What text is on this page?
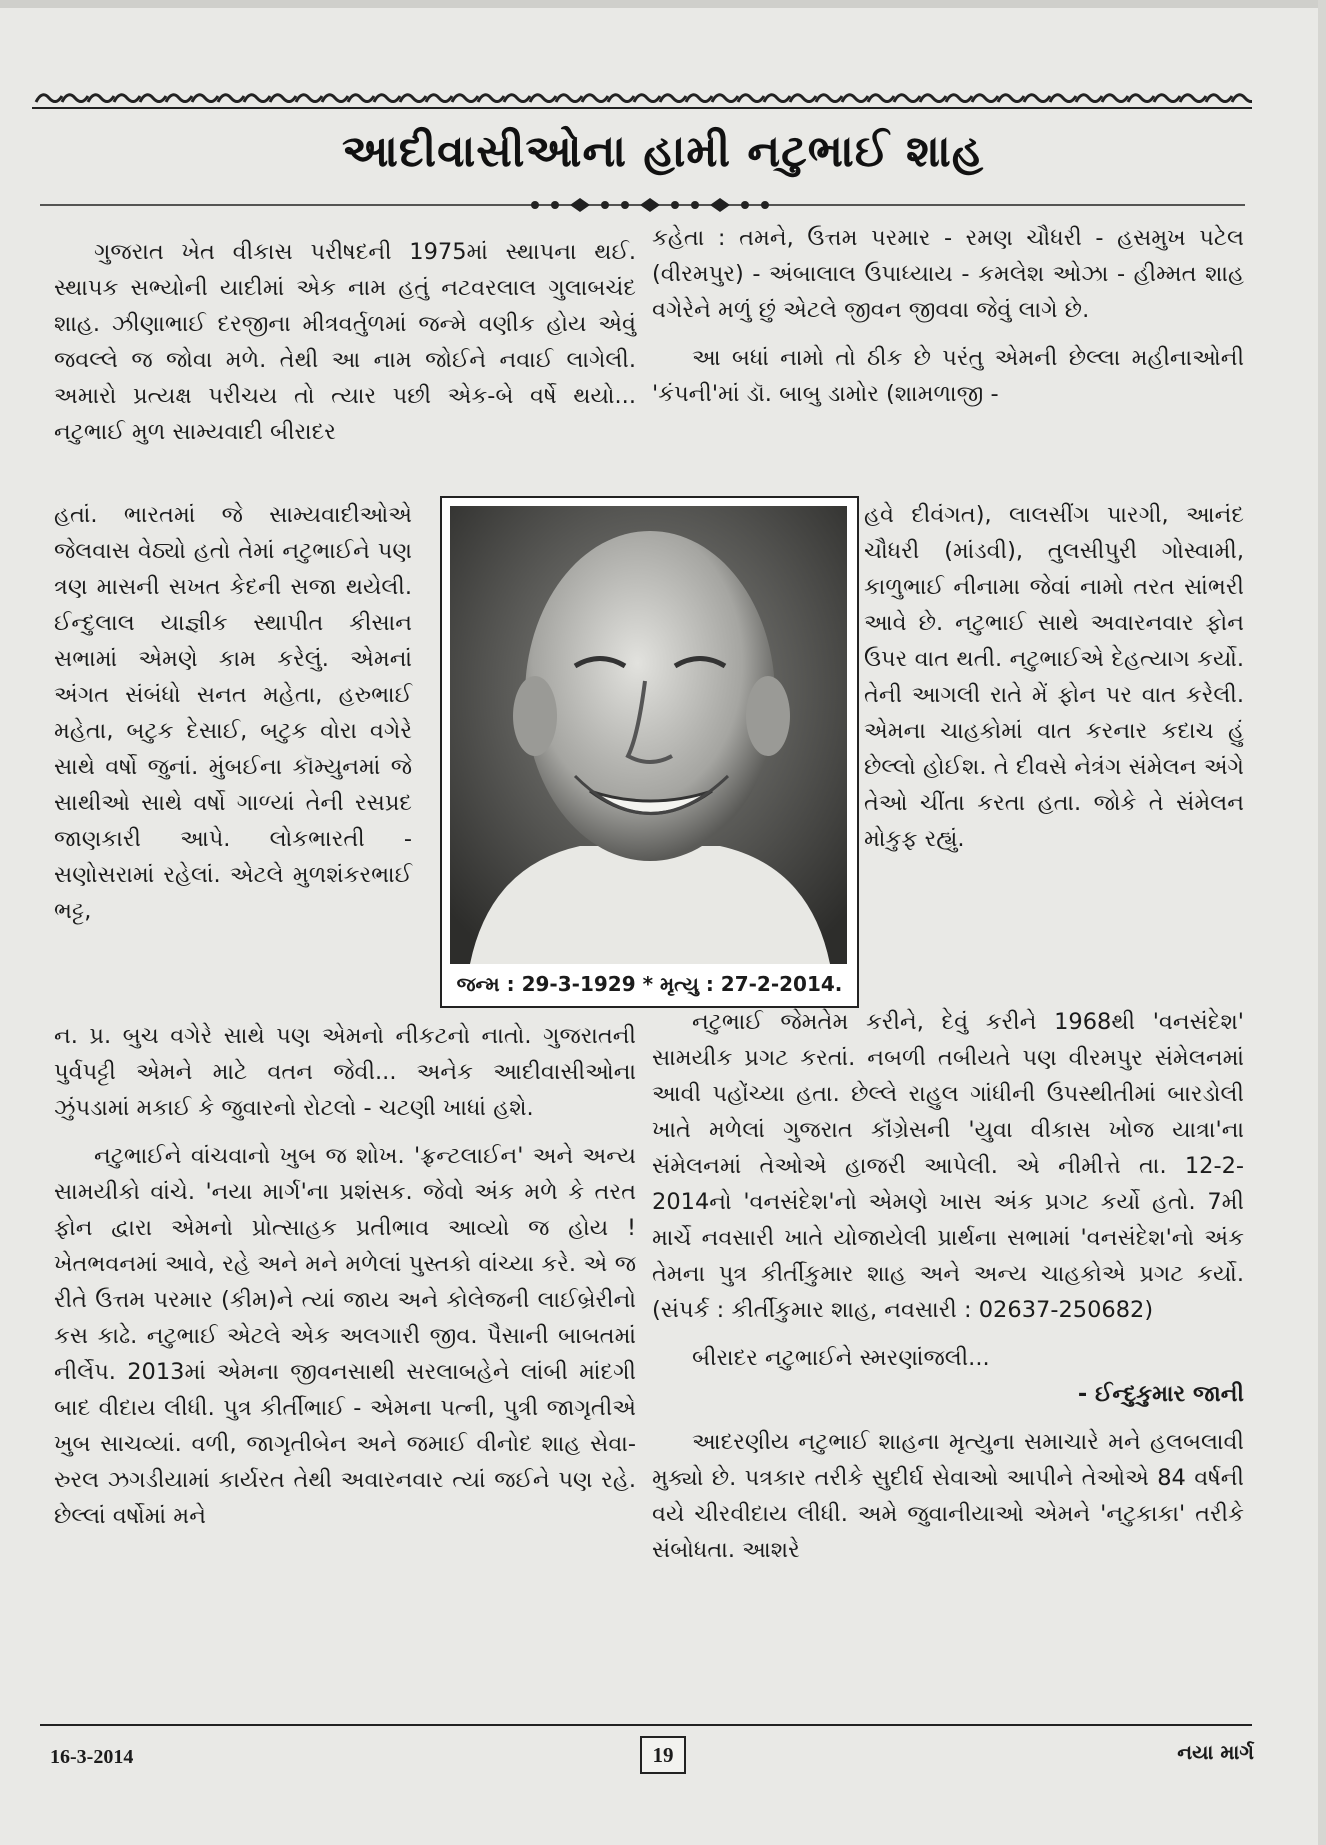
આદીવાસીઓના હામી નટુભાઈ શાહ

ગુજરાત ખેત વીકાસ પરીષદની 1975માં સ્થાપના થઈ. સ્થાપક સભ્યોની યાદીમાં એક નામ હતું નટવરલાલ ગુલાબચંદ શાહ. ઝીણાભાઈ દરજીના મીત્રવર્તુળમાં જન્મે વણીક હોય એવું જવલ્લે જ જોવા મળે. તેથી આ નામ જોઈને નવાઈ લાગેલી. અમારો પ્રત્યક્ષ પરીચય તો ત્યાર પછી એક-બે વર્ષે થયો... નટુભાઈ મુળ સામ્યવાદી બીરાદર

હતાં. ભારતમાં જે સામ્યવાદીઓએ જેલવાસ વેઠ્યો હતો તેમાં નટુભાઈને પણ ત્રણ માસની સખત કેદની સજા થયેલી. ઈન્દુલાલ યાજ્ઞીક સ્થાપીત કીસાન સભામાં એમણે કામ કરેલું. એમનાં અંગત સંબંધો સનત મહેતા, હરુભાઈ મહેતા, બટુક દેસાઈ, બટુક વોરા વગેરે સાથે વર્ષો જુનાં. મુંબઈના કૉમ્યુનમાં જે સાથીઓ સાથે વર્ષો ગાળ્યાં તેની રસપ્રદ જાણકારી આપે. લોકભારતી - સણોસરામાં રહેલાં. એટલે મુળશંકરભાઈ ભટ્ટ,

જન્મ : 29-3-1929 * મૃત્યુ : 27-2-2014.

ન. પ્ર. બુચ વગેરે સાથે પણ એમનો નીકટનો નાતો. ગુજરાતની પુર્વપટ્ટી એમને માટે વતન જેવી... અનેક આદીવાસીઓના ઝુંપડામાં મકાઈ કે જુવારનો રોટલો - ચટણી ખાધાં હશે.

નટુભાઈને વાંચવાનો ખુબ જ શોખ. 'ફ્રન્ટલાઈન' અને અન્ય સામયીકો વાંચે. 'નયા માર્ગ'ના પ્રશંસક. જેવો અંક મળે કે તરત ફોન દ્વારા એમનો પ્રોત્સાહક પ્રતીભાવ આવ્યો જ હોય ! ખેતભવનમાં આવે, રહે અને મને મળેલાં પુસ્તકો વાંચ્યા કરે. એ જ રીતે ઉત્તમ પરમાર (કીમ)ને ત્યાં જાય અને કોલેજની લાઈબ્રેરીનો કસ કાઢે. નટુભાઈ એટલે એક અલગારી જીવ. પૈસાની બાબતમાં નીર્લેપ. 2013માં એમના જીવનસાથી સરલાબહેને લાંબી માંદગી બાદ વીદાય લીધી. પુત્ર કીર્તીભાઈ - એમના પત્ની, પુત્રી જાગૃતીએ ખુબ સાચવ્યાં. વળી, જાગૃતીબેન અને જમાઈ વીનોદ શાહ સેવા-રુરલ ઝગડીયામાં કાર્યરત તેથી અવારનવાર ત્યાં જઈને પણ રહે. છેલ્લાં વર્ષોમાં મને

કહેતા : તમને, ઉત્તમ પરમાર - રમણ ચૌધરી - હસમુખ પટેલ (વીરમપુર) - અંબાલાલ ઉપાધ્યાય - કમલેશ ઓઝા - હીમ્મત શાહ વગેરેને મળું છું એટલે જીવન જીવવા જેવું લાગે છે.

આ બધાં નામો તો ઠીક છે પરંતુ એમની છેલ્લા મહીનાઓની 'કંપની'માં ડૉ. બાબુ ડામોર (શામળાજી -

હવે દીવંગત), લાલસીંગ પારગી, આનંદ ચૌધરી (માંડવી), તુલસીપુરી ગોસ્વામી, કાળુભાઈ નીનામા જેવાં નામો તરત સાંભરી આવે છે. નટુભાઈ સાથે અવારનવાર ફોન ઉપર વાત થતી. નટુભાઈએ દેહત્યાગ કર્યો. તેની આગલી રાતે મેં ફોન પર વાત કરેલી. એમના ચાહકોમાં વાત કરનાર કદાચ હું છેલ્લો હોઈશ. તે દીવસે નેત્રંગ સંમેલન અંગે તેઓ ચીંતા કરતા હતા. જોકે તે સંમેલન મોકુફ રહ્યું.

નટુભાઈ જેમતેમ કરીને, દેવું કરીને 1968થી 'વનસંદેશ' સામયીક પ્રગટ કરતાં. નબળી તબીયતે પણ વીરમપુર સંમેલનમાં આવી પહોંચ્યા હતા. છેલ્લે રાહુલ ગાંધીની ઉપસ્થીતીમાં બારડોલી ખાતે મળેલાં ગુજરાત કૉંગ્રેસની 'યુવા વીકાસ ખોજ યાત્રા'ના સંમેલનમાં તેઓએ હાજરી આપેલી. એ નીમીત્તે તા. 12-2-2014નો 'વનસંદેશ'નો એમણે ખાસ અંક પ્રગટ કર્યો હતો. 7મી માર્ચે નવસારી ખાતે યોજાયેલી પ્રાર્થના સભામાં 'વનસંદેશ'નો અંક તેમના પુત્ર કીર્તીકુમાર શાહ અને અન્ય ચાહકોએ પ્રગટ કર્યો. (સંપર્ક : કીર્તીકુમાર શાહ, નવસારી : 02637-250682)

બીરાદર નટુભાઈને સ્મરણાંજલી...

- ઈન્દુકુમાર જાની

આદરણીય નટુભાઈ શાહના મૃત્યુના સમાચારે મને હલબલાવી મુક્યો છે. પત્રકાર તરીકે સુદીર્ઘ સેવાઓ આપીને તેઓએ 84 વર્ષની વયે ચીરવીદાય લીધી. અમે જુવાનીયાઓ એમને 'નટુકાકા' તરીકે સંબોધતા. આશરે

16-3-2014	19	નયા માર્ગ
